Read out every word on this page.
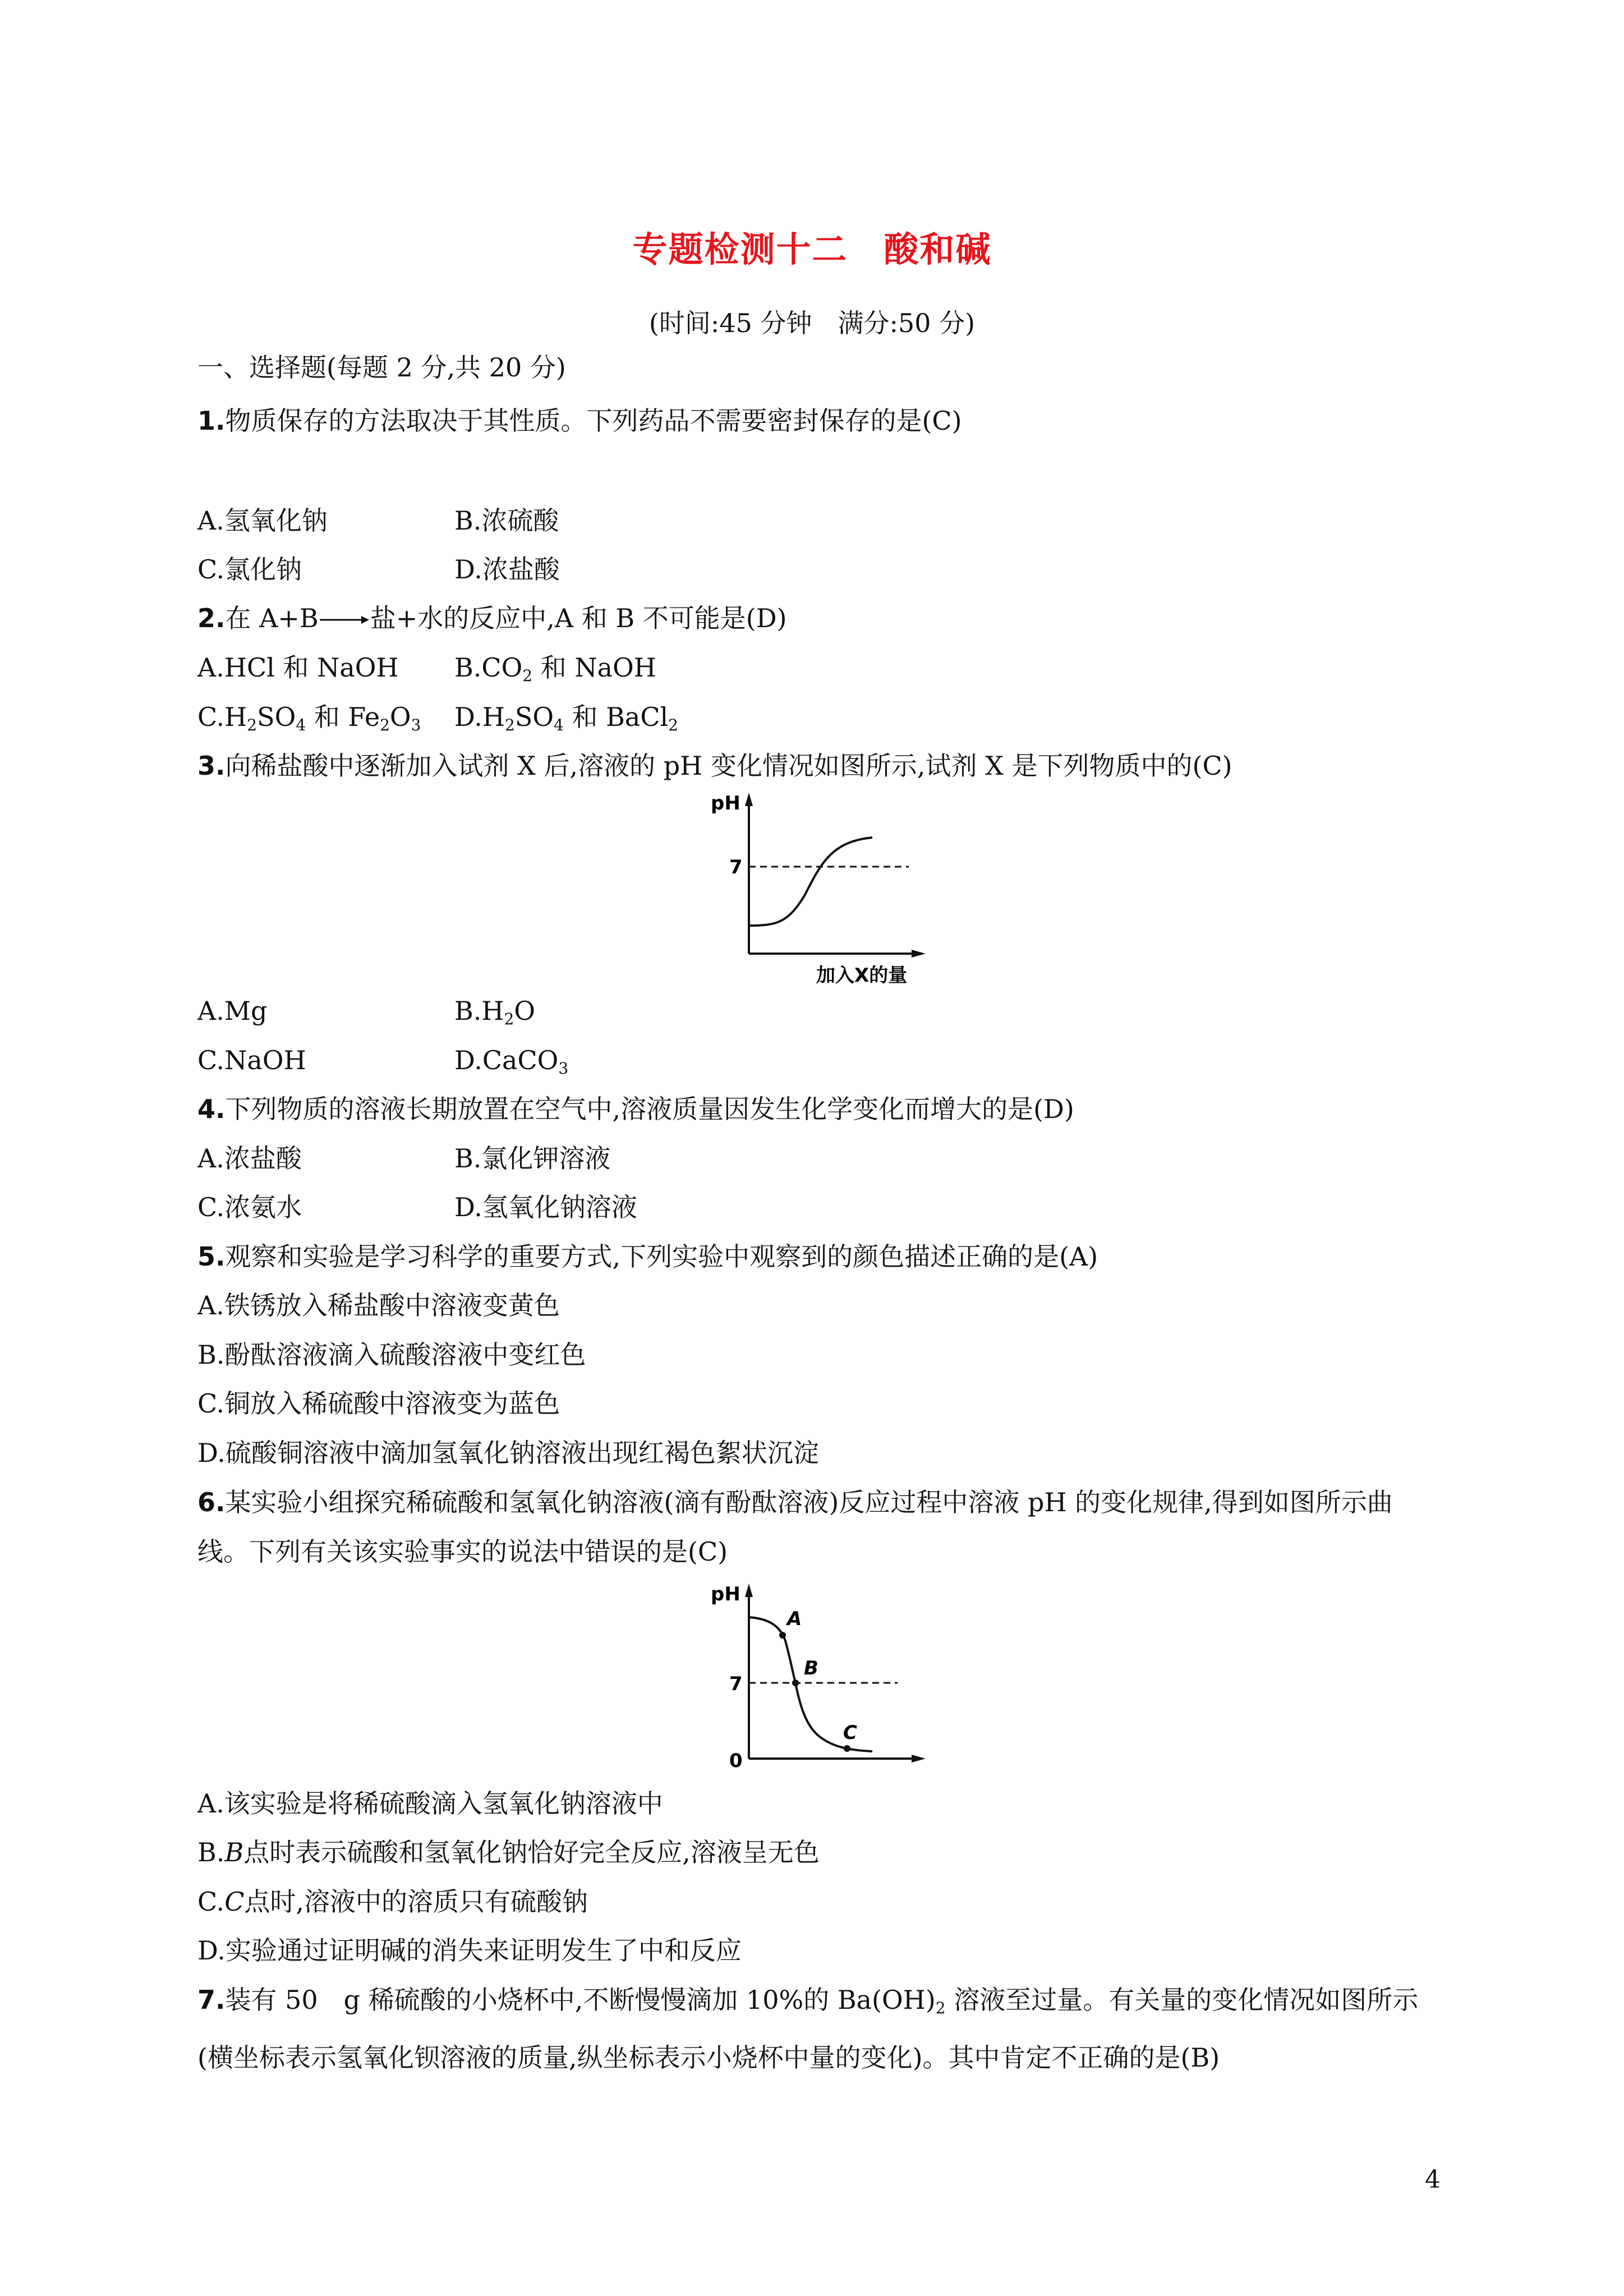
专题检测十二　酸和碱
(时间:45 分钟　满分:50 分)
一、选择题(每题 2 分,共 20 分)
1.物质保存的方法取决于其性质。下列药品不需要密封保存的是(C)
A.氢氧化钠	B.浓硫酸
C.氯化钠	D.浓盐酸
2.在 A+B→盐+水的反应中,A 和 B 不可能是(D)
A.HCl 和 NaOH $B.CO_2$ 和 NaOH
$C.H_2SO_4$ 和 $Fe_2O_3$ $D.H_2SO_4$ 和 BaCl$_2$
3.向稀盐酸中逐渐加入试剂 X 后,溶液的 pH 变化情况如图所示,试剂 X 是下列物质中的(C)
pH
7
加入X的量
A.Mg	$B.H_2O$
C.NaOH	D.CaCO$_3$
4.下列物质的溶液长期放置在空气中,溶液质量因发生化学变化而增大的是(D)
A.浓盐酸	B.氯化钾溶液
C.浓氨水	D.氢氧化钠溶液
5.观察和实验是学习科学的重要方式,下列实验中观察到的颜色描述正确的是(A)
A.铁锈放入稀盐酸中溶液变黄色
B.酚酞溶液滴入硫酸溶液中变红色
C.铜放入稀硫酸中溶液变为蓝色
D.硫酸铜溶液中滴加氢氧化钠溶液出现红褐色絮状沉淀
6.某实验小组探究稀硫酸和氢氧化钠溶液(滴有酚酞溶液)反应过程中溶液 pH 的变化规律,得到如图所示曲线。下列有关该实验事实的说法中错误的是(C)
pH
7
0
A
B
C
A.该实验是将稀硫酸滴入氢氧化钠溶液中
B.B点时表示硫酸和氢氧化钠恰好完全反应,溶液呈无色
C.C点时,溶液中的溶质只有硫酸钠
D.实验通过证明碱的消失来证明发生了中和反应
7.装有 50　g 稀硫酸的小烧杯中,不断慢慢滴加 10%的 $Ba(OH)_2$ 溶液至过量。有关量的变化情况如图所示(横坐标表示氢氧化钡溶液的质量,纵坐标表示小烧杯中量的变化)。其中肯定不正确的是(B)
4
